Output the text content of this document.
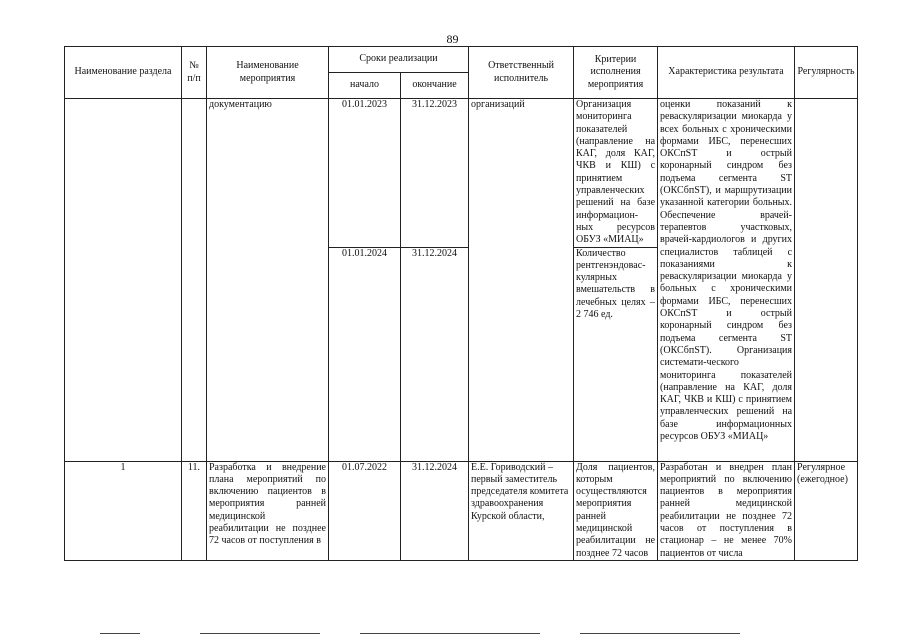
89
Наименование раздела	№ п/п	Наименование мероприятия	Сроки реализации		Ответственный исполнитель	Критерии исполнения мероприятия	Характеристика результата	Регулярность
			начало	окончание				
		документацию	01.01.2023	31.12.2023	организаций	Организация мониторинга показателей (направление на КАГ, доля КАГ, ЧКВ и КШ) с принятием управленческих решений на базе информацион-ных ресурсов ОБУЗ «МИАЦ»	оценки показаний к реваскуляризации миокарда у всех больных с хроническими формами ИБС, перенесших ОКСпST и острый коронарный синдром без подъема сегмента ST (ОКСбпST), и маршрутизации указанной категории больных. Обеспечение врачей-терапевтов участковых, врачей-кардиологов и других специалистов таблицей с показаниями к реваскуляризации миокарда у больных с хроническими формами ИБС, перенесших ОКСпST и острый коронарный синдром без подъема сегмента ST (ОКСбпST). Организация системати-ческого мониторинга показателей (направление на КАГ, доля КАГ, ЧКВ и КШ) с принятием управленческих решений на базе информационных ресурсов ОБУЗ «МИАЦ»	
			01.01.2024	31.12.2024		Количество рентгенэндоваc-кулярных вмешательств в лечебных целях – 2 746 ед.		
1	11.	Разработка и внедрение плана мероприятий по включению пациентов в мероприятия ранней медицинской реабилитации не позднее 72 часов от поступления в	01.07.2022	31.12.2024	Е.Е. Гоpиводский – первый заместитель председателя комитета здравоохранения Курской области,	Доля пациентов, которым осуществляются мероприятия ранней медицинской реабилитации не позднее 72 часов	Разработан и внедрен план мероприятий по включению пациентов в мероприятия ранней медицинской реабилитации не позднее 72 часов от поступления в стационар – не менее 70% пациентов от числа	Регулярное (ежегодное)
